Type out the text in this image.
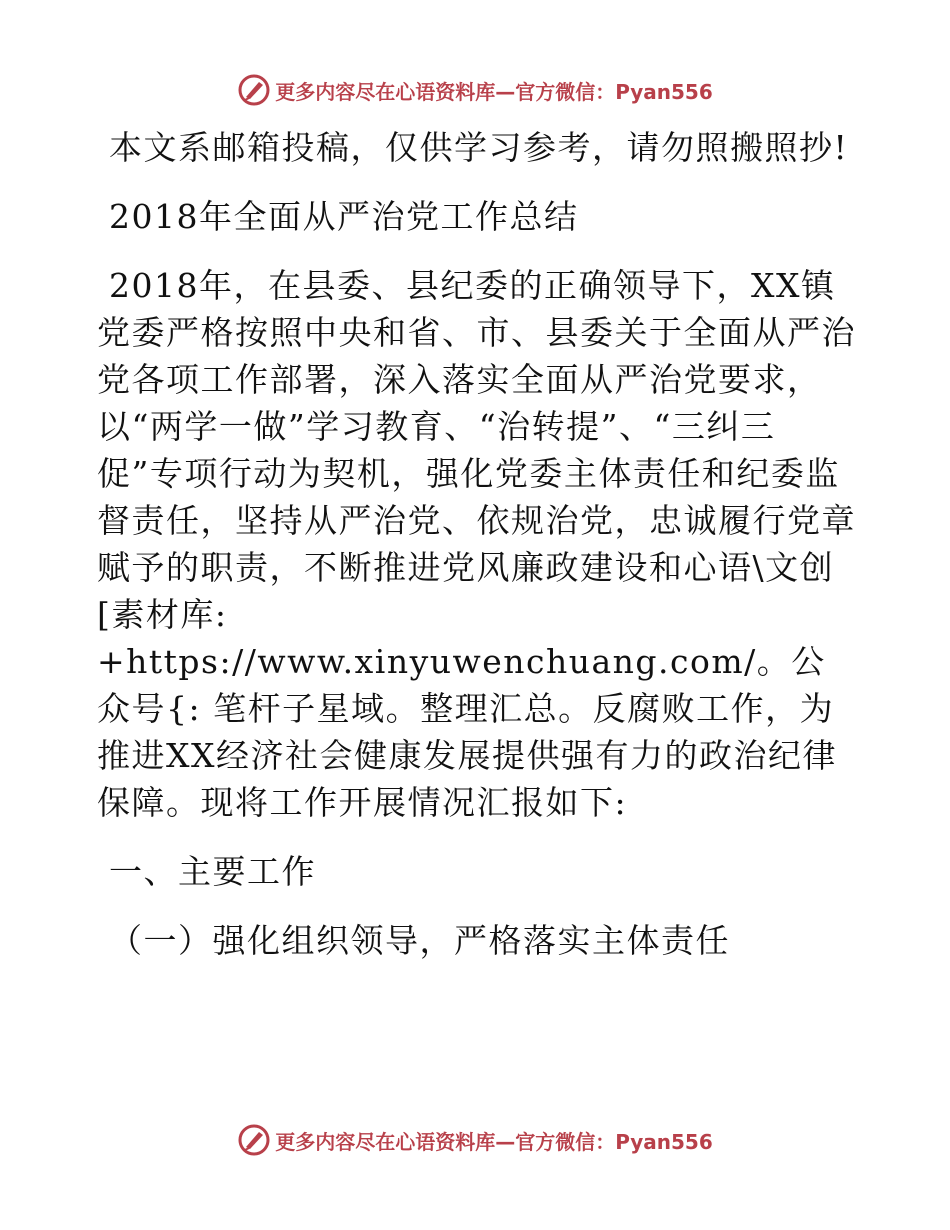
更多内容尽在心语资料库—官方微信：Pyan556

本文系邮箱投稿，仅供学习参考，请勿照搬照抄!

2018年全面从严治党工作总结

2018年，在县委、县纪委的正确领导下，XX镇党委严格按照中央和省、市、县委关于全面从严治党各项工作部署，深入落实全面从严治党要求，以“两学一做”学习教育、“治转提”、“三纠三促”专项行动为契机，强化党委主体责任和纪委监督责任，坚持从严治党、依规治党，忠诚履行党章赋予的职责，不断推进党风廉政建设和心语\文创[素材库: +https://www.xinyuwenchuang.com/。公众号{: 笔杆子星域。整理汇总。反腐败工作，为推进XX经济社会健康发展提供强有力的政治纪律保障。现将工作开展情况汇报如下:

一、主要工作

（一）强化组织领导，严格落实主体责任

更多内容尽在心语资料库—官方微信：Pyan556
